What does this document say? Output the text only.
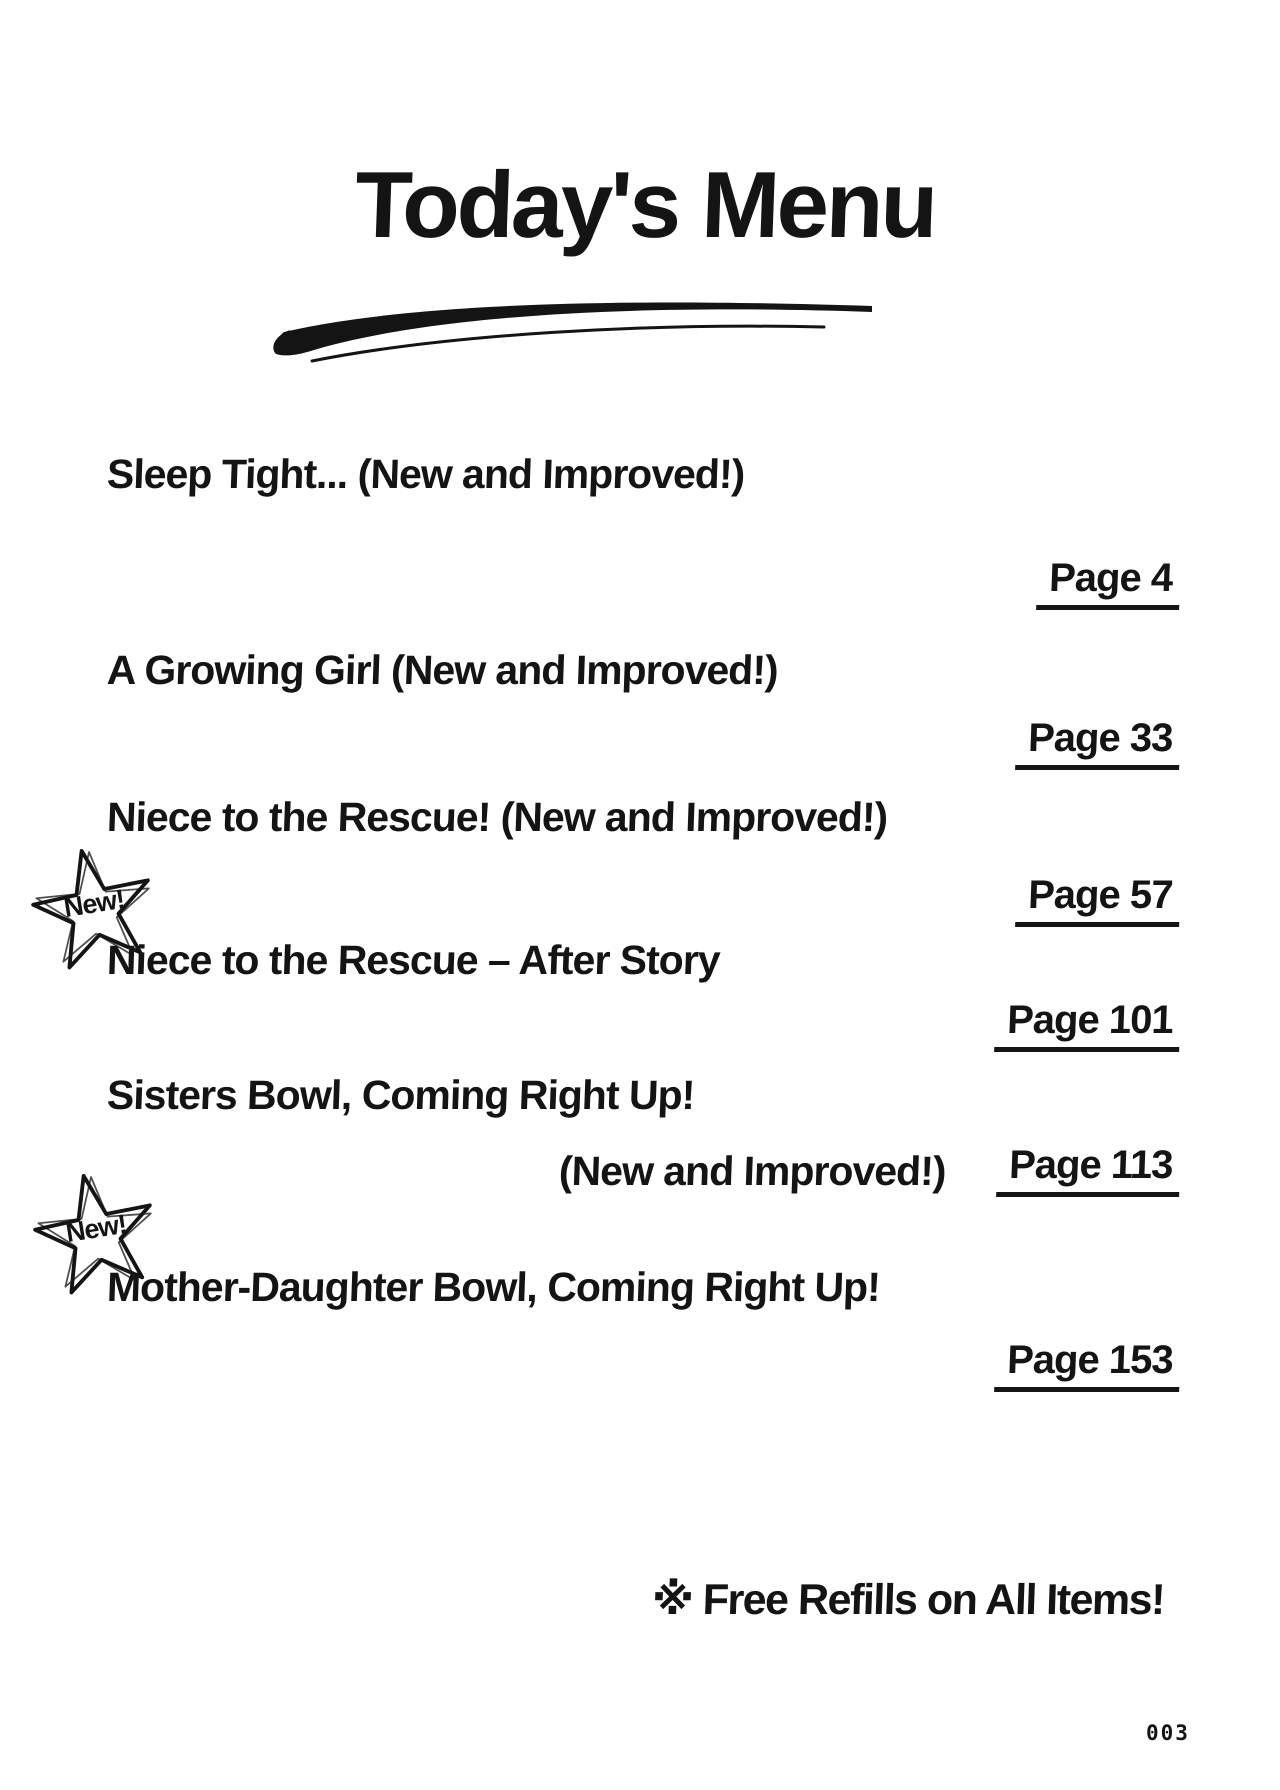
Today's Menu

Sleep Tight... (New and Improved!)

Page 4

A Growing Girl (New and Improved!)

Page 33

Niece to the Rescue! (New and Improved!)

Page 57
New!

Niece to the Rescue – After Story

Page 101

Sisters Bowl, Coming Right Up!

(New and Improved!) Page 113
New!

Mother-Daughter Bowl, Coming Right Up!

Page 153

※ Free Refills on All Items!

003
